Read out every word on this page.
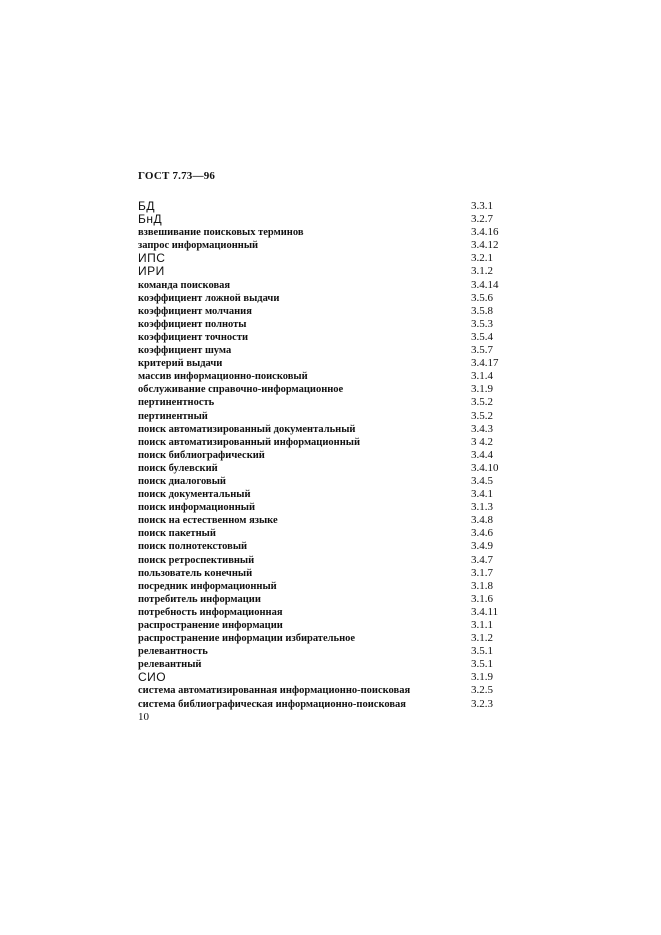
ГОСТ 7.73—96
БД	3.3.1
БнД	3.2.7
взвешивание поисковых терминов	3.4.16
запрос информационный	3.4.12
ИПС	3.2.1
ИРИ	3.1.2
команда поисковая	3.4.14
коэффициент ложной выдачи	3.5.6
коэффициент молчания	3.5.8
коэффициент полноты	3.5.3
коэффициент точности	3.5.4
коэффициент шума	3.5.7
критерий выдачи	3.4.17
массив информационно-поисковый	3.1.4
обслуживание справочно-информационное	3.1.9
пертинентность	3.5.2
пертинентный	3.5.2
поиск автоматизированный документальный	3.4.3
поиск автоматизированный информационный	3 4.2
поиск библиографический	3.4.4
поиск булевский	3.4.10
поиск диалоговый	3.4.5
поиск документальный	3.4.1
поиск информационный	3.1.3
поиск на естественном языке	3.4.8
поиск пакетный	3.4.6
поиск полнотекстовый	3.4.9
поиск ретроспективный	3.4.7
пользователь конечный	3.1.7
посредник информационный	3.1.8
потребитель информации	3.1.6
потребность информационная	3.4.11
распространение информации	3.1.1
распространение информации избирательное	3.1.2
релевантность	3.5.1
релевантный	3.5.1
СИО	3.1.9
система автоматизированная информационно-поисковая	3.2.5
система библиографическая информационно-поисковая	3.2.3
10
